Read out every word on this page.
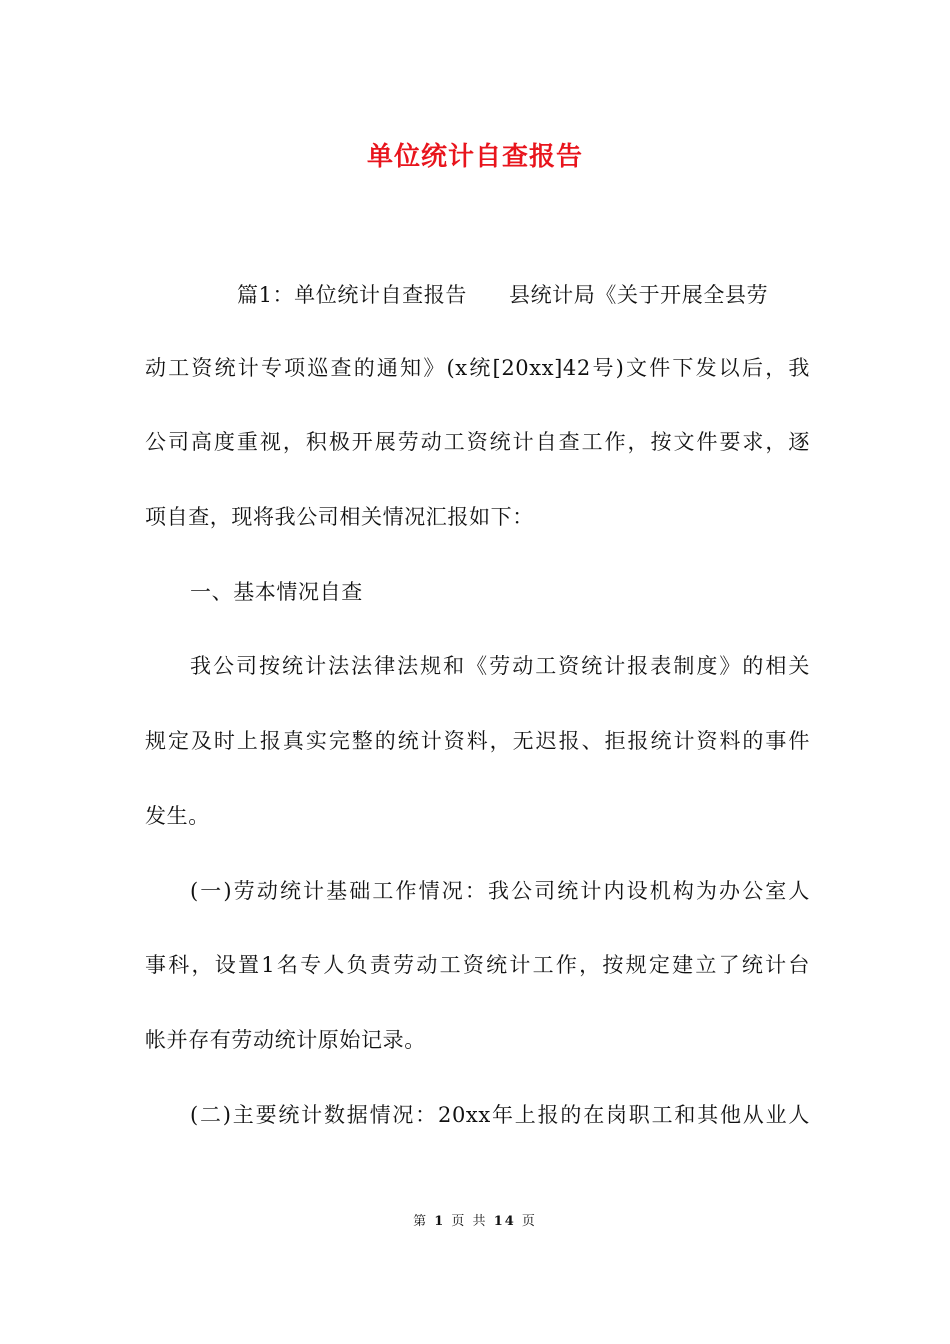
单位统计自查报告
篇1：单位统计自查报告 县统计局《关于开展全县劳
动工资统计专项巡查的通知》(x统[20xx]42号)文件下发以后，我
公司高度重视，积极开展劳动工资统计自查工作，按文件要求，逐
项自查，现将我公司相关情况汇报如下：
一、基本情况自查
我公司按统计法法律法规和《劳动工资统计报表制度》的相关
规定及时上报真实完整的统计资料，无迟报、拒报统计资料的事件
发生。
(一)劳动统计基础工作情况：我公司统计内设机构为办公室人
事科，设置1名专人负责劳动工资统计工作，按规定建立了统计台
帐并存有劳动统计原始记录。
(二)主要统计数据情况：20xx年上报的在岗职工和其他从业人
第 1 页 共 14 页
